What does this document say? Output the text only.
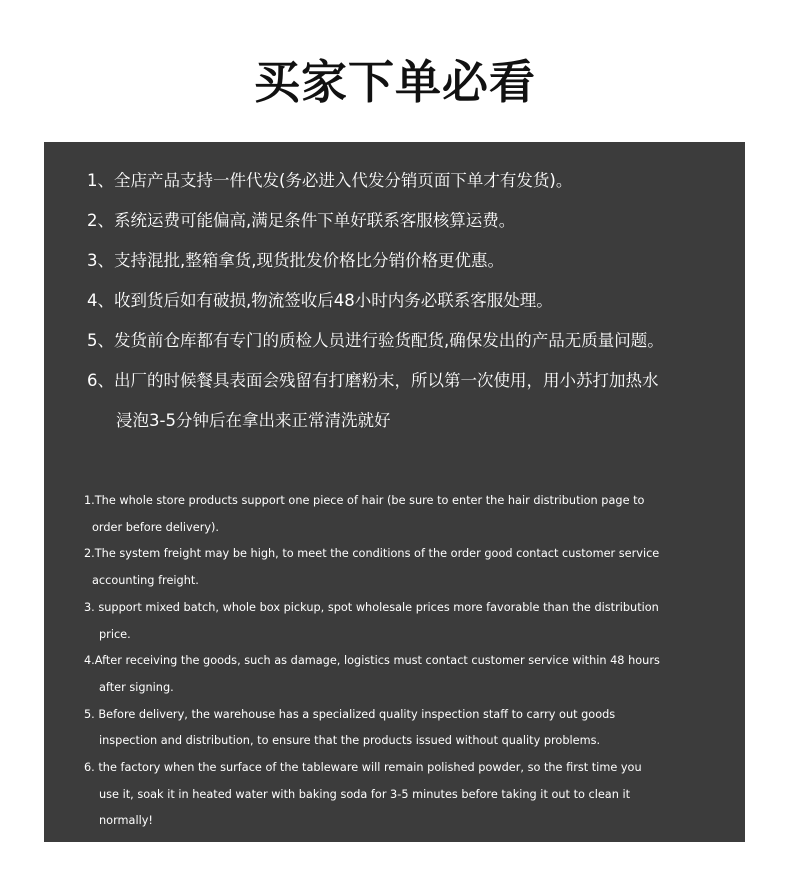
买家下单必看
1、全店产品支持一件代发(务必进入代发分销页面下单才有发货)。
2、系统运费可能偏高,满足条件下单好联系客服核算运费。
3、支持混批,整箱拿货,现货批发价格比分销价格更优惠。
4、收到货后如有破损,物流签收后48小时内务必联系客服处理。
5、发货前仓库都有专门的质检人员进行验货配货,确保发出的产品无质量问题。
6、出厂的时候餐具表面会残留有打磨粉末，所以第一次使用，用小苏打加热水
浸泡3-5分钟后在拿出来正常清洗就好
1.The whole store products support one piece of hair (be sure to enter the hair distribution page to
order before delivery).
2.The system freight may be high, to meet the conditions of the order good contact customer service
accounting freight.
3. support mixed batch, whole box pickup, spot wholesale prices more favorable than the distribution
price.
4.After receiving the goods, such as damage, logistics must contact customer service within 48 hours
after signing.
5. Before delivery, the warehouse has a specialized quality inspection staff to carry out goods
inspection and distribution, to ensure that the products issued without quality problems.
6. the factory when the surface of the tableware will remain polished powder, so the first time you
use it, soak it in heated water with baking soda for 3-5 minutes before taking it out to clean it
normally!
